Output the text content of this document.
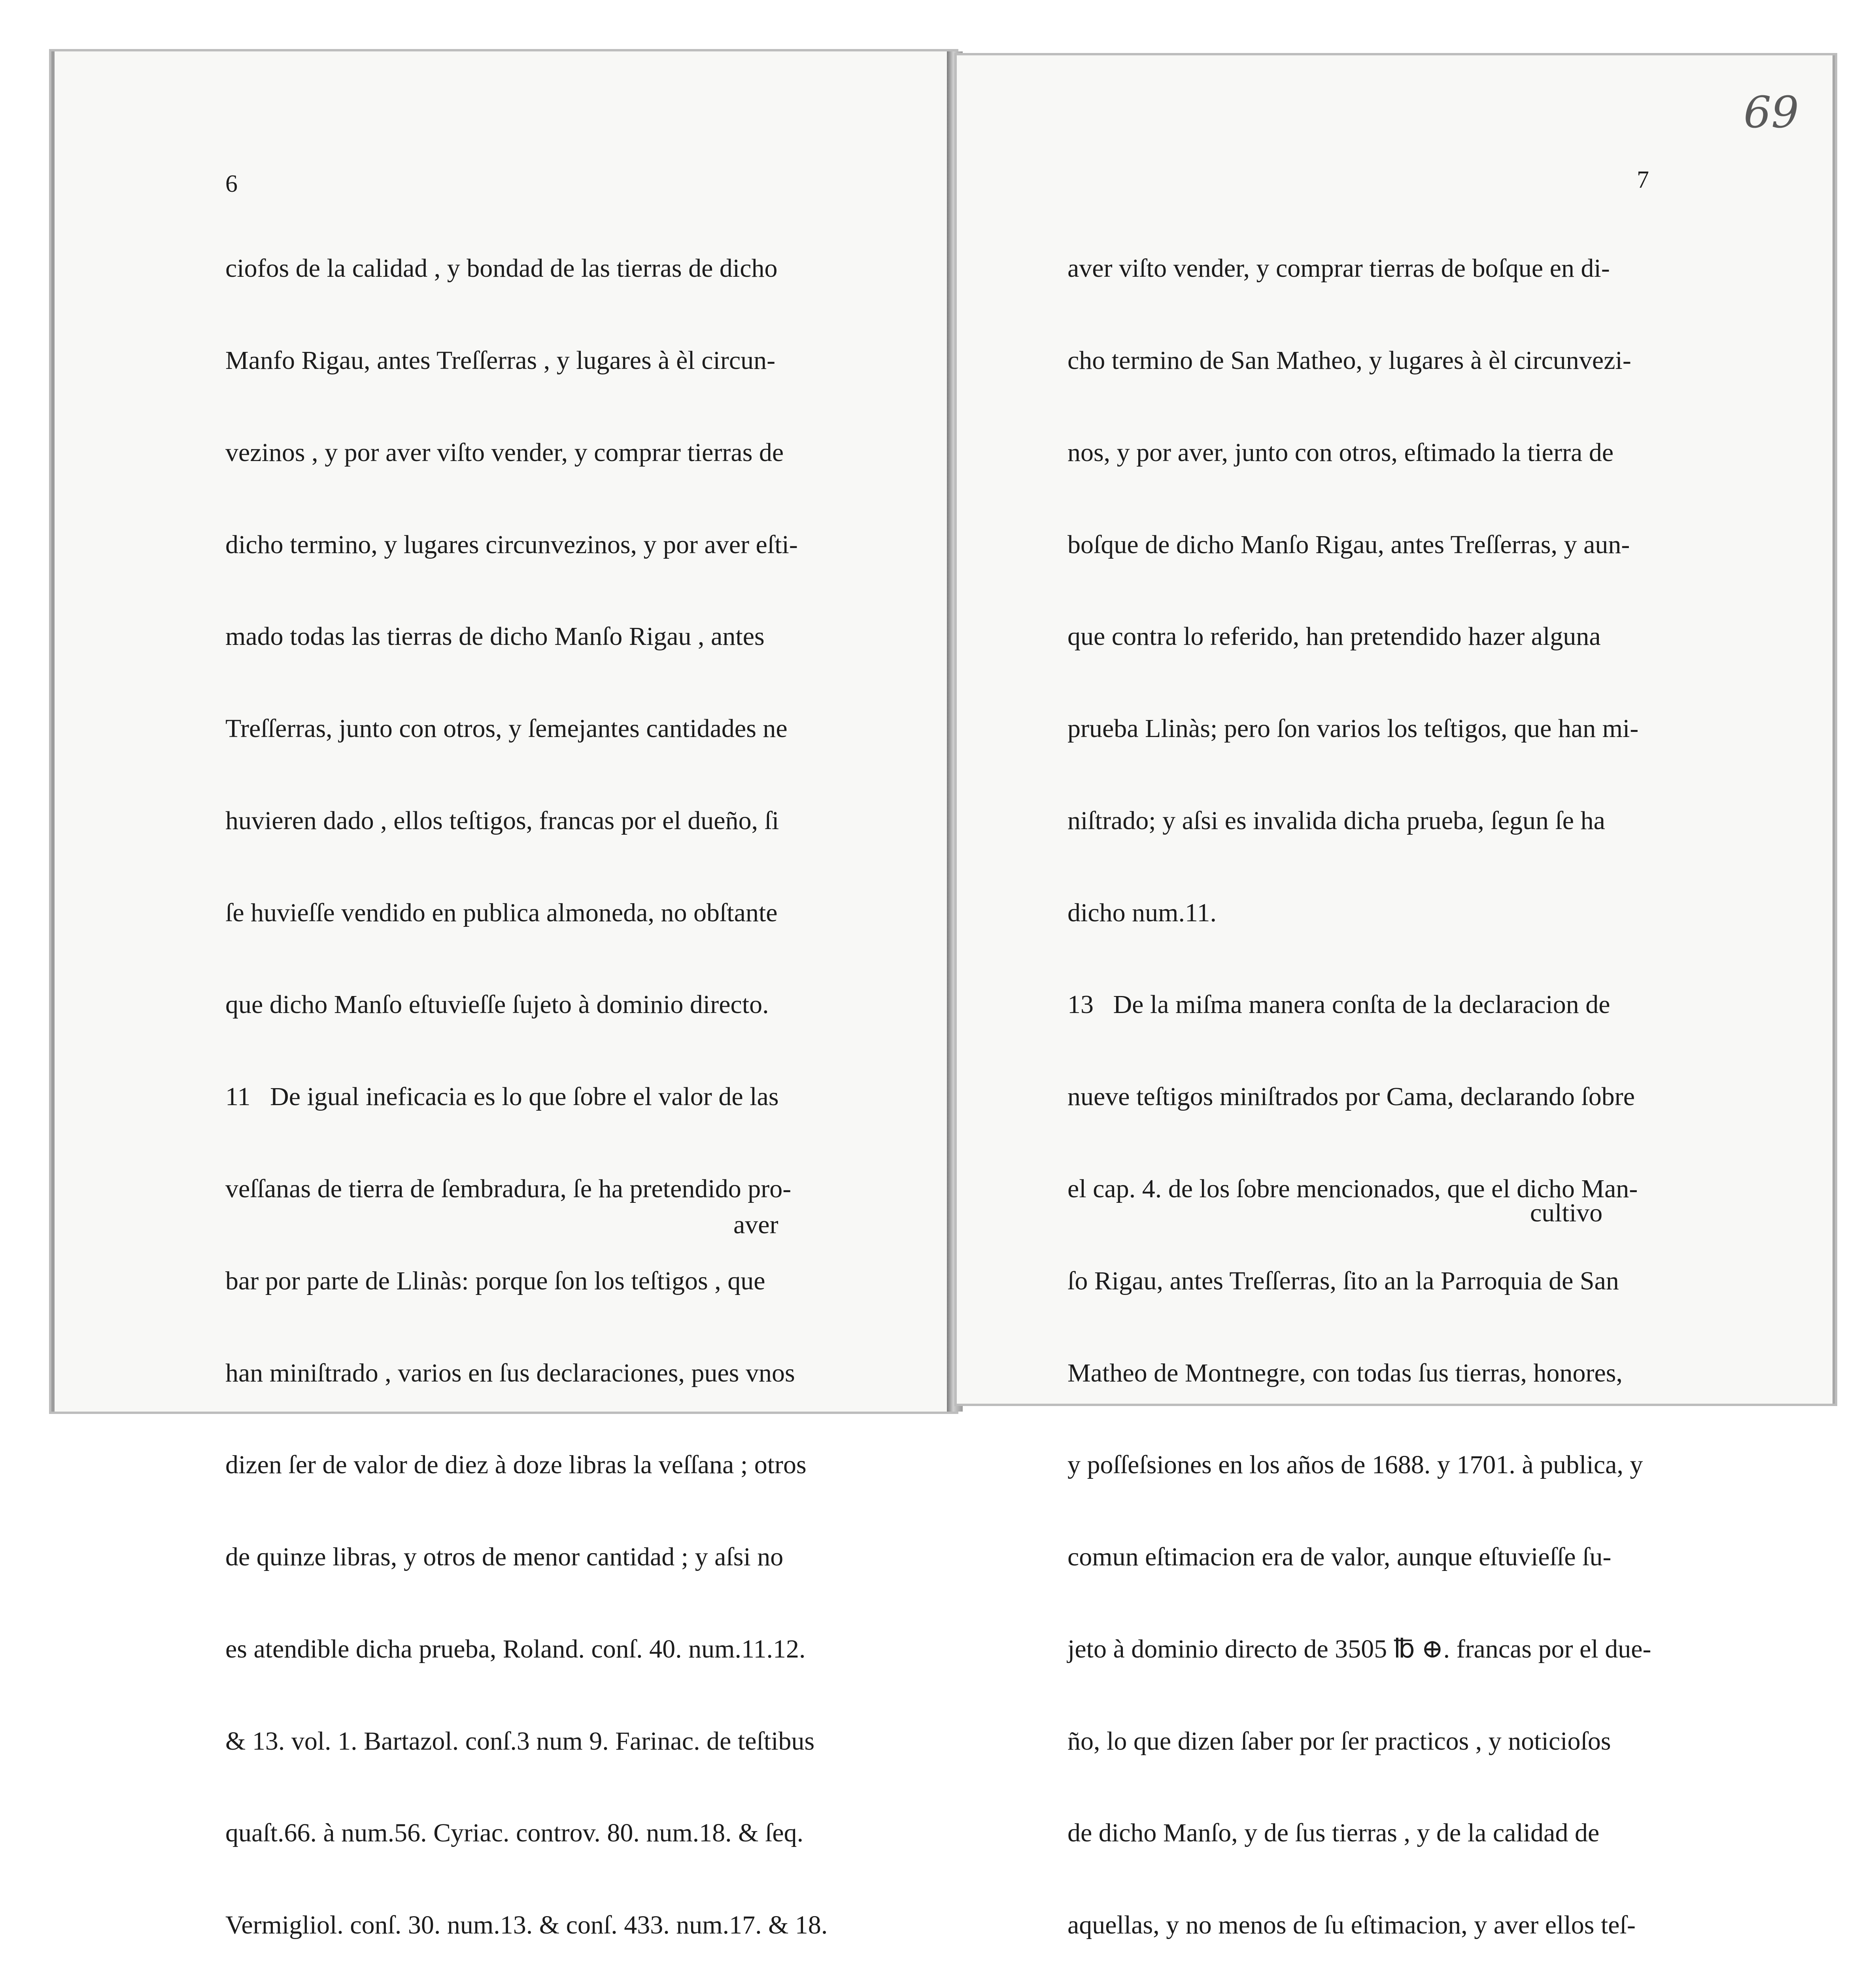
69
6	7

ciofos de la calidad , y bondad de las tierras de dicho

Manfo Rigau, antes Treſſerras , y lugares à èl circun-

vezinos , y por aver viſto vender, y comprar tierras de

dicho termino, y lugares circunvezinos, y por aver eſti-

mado todas las tierras de dicho Manſo Rigau , antes

Treſſerras, junto con otros, y ſemejantes cantidades ne

huvieren dado , ellos teſtigos, francas por el dueño, ſi

ſe huvieſſe vendido en publica almoneda, no obſtante

que dicho Manſo eſtuvieſſe ſujeto à dominio directo.

11   De igual ineficacia es lo que ſobre el valor de las

veſſanas de tierra de ſembradura, ſe ha pretendido pro-

bar por parte de Llinàs: porque ſon los teſtigos , que

han miniſtrado , varios en ſus declaraciones, pues vnos

dizen ſer de valor de diez à doze libras la veſſana ; otros

de quinze libras, y otros de menor cantidad ; y aſsi no

es atendible dicha prueba, Roland. conſ. 40. num.11.12.

& 13. vol. 1. Bartazol. conſ.3 num 9. Farinac. de teſtibus

quaſt.66. à num.56. Cyriac. controv. 80. num.18. & ſeq.

Vermigliol. conſ. 30. num.13. & conſ. 433. num.17. & 18.

aver

aver viſto vender, y comprar tierras de boſque en di-

cho termino de San Matheo, y lugares à èl circunvezi-

nos, y por aver, junto con otros, eſtimado la tierra de

boſque de dicho Manſo Rigau, antes Treſſerras, y aun-

que contra lo referido, han pretendido hazer alguna

prueba Llinàs; pero ſon varios los teſtigos, que han mi-

niſtrado; y aſsi es invalida dicha prueba, ſegun ſe ha

dicho num.11.

13   De la miſma manera conſta de la declaracion de

nueve teſtigos miniſtrados por Cama, declarando ſobre

el cap. 4. de los ſobre mencionados, que el dicho Man-

ſo Rigau, antes Treſſerras, ſito an la Parroquia de San

Matheo de Montnegre, con todas ſus tierras, honores,

y poſſeſsiones en los años de 1688. y 1701. à publica, y

comun eſtimacion era de valor, aunque eſtuvieſſe ſu-

jeto à dominio directo de 3505 ℔ ⊕. francas por el due-

ño, lo que dizen ſaber por ſer practicos , y noticioſos

de dicho Manſo, y de ſus tierras , y de la calidad de

aquellas, y no menos de ſu eſtimacion, y aver ellos teſ-

cultivo
